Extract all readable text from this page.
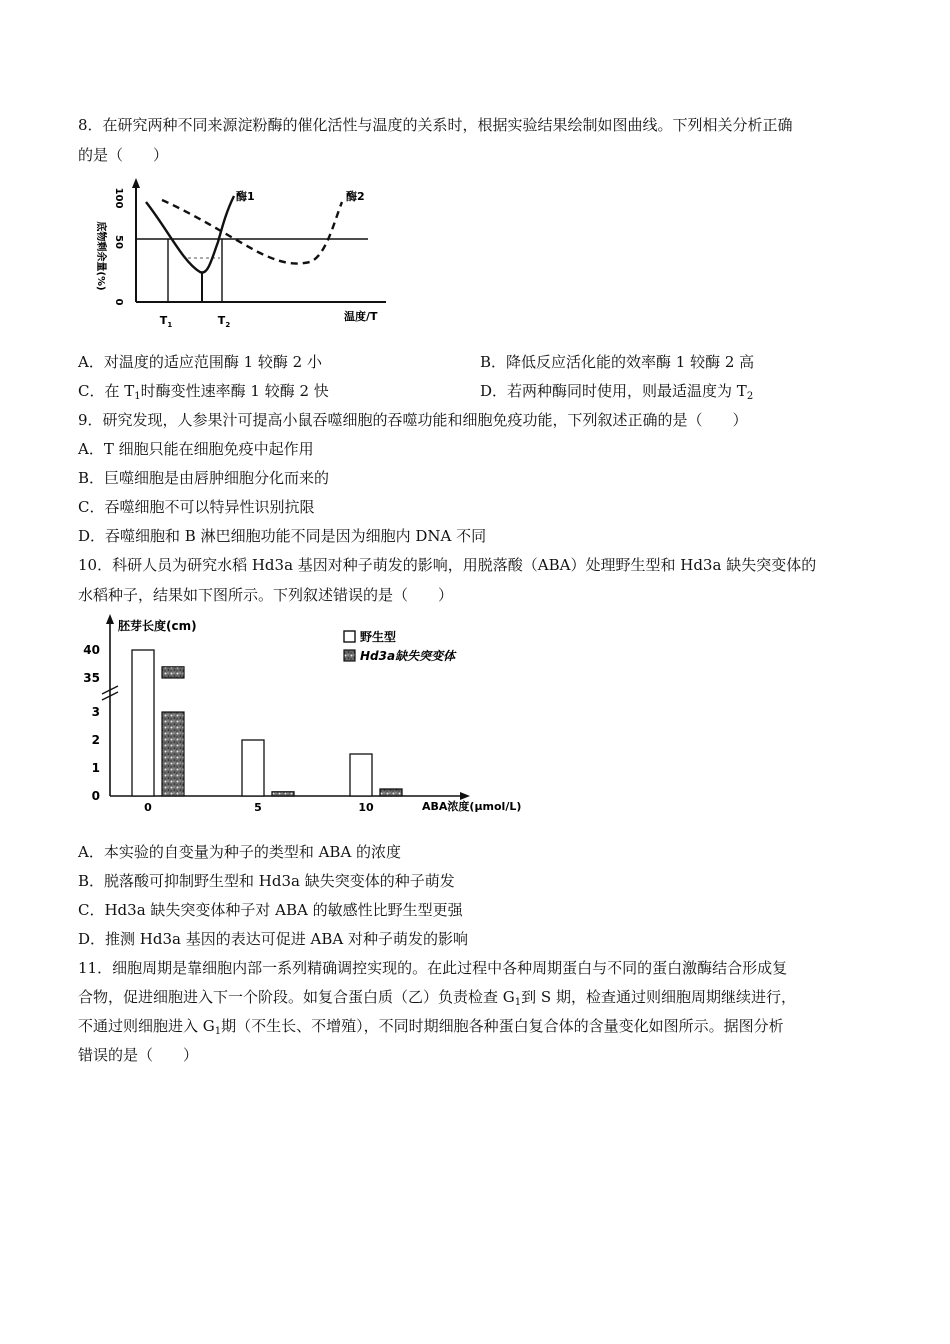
8．在研究两种不同来源淀粉酶的催化活性与温度的关系时，根据实验结果绘制如图曲线。下列相关分析正确
的是（　　）
底物剩余量(%)
100
50
0
$T_1$	$T_2$
温度/T
酶1	酶2
A．对温度的适应范围酶 1 较酶 2 小	B．降低反应活化能的效率酶 1 较酶 2 高
C．在 $T_1$时酶变性速率酶 1 较酶 2 快	D．若两种酶同时使用，则最适温度为 $T_2$
9．研究发现，人参果汁可提高小鼠吞噬细胞的吞噬功能和细胞免疫功能，下列叙述正确的是（　　）
A．T 细胞只能在细胞免疫中起作用
B．巨噬细胞是由唇肿细胞分化而来的
C．吞噬细胞不可以特异性识别抗限
D．吞噬细胞和 B 淋巴细胞功能不同是因为细胞内 DNA 不同
10．科研人员为研究水稻 Hd3a 基因对种子萌发的影响，用脱落酸（ABA）处理野生型和 Hd3a 缺失突变体的
水稻种子，结果如下图所示。下列叙述错误的是（　　）
0
1
2
3
35
40
0	5	10
胚芽长度(cm)
ABA浓度(μmol/L)
野生型
Hd3a缺失突变体
A．本实验的自变量为种子的类型和 ABA 的浓度
B．脱落酸可抑制野生型和 Hd3a 缺失突变体的种子萌发
C．Hd3a 缺失突变体种子对 ABA 的敏感性比野生型更强
D．推测 Hd3a 基因的表达可促进 ABA 对种子萌发的影响
11．细胞周期是靠细胞内部一系列精确调控实现的。在此过程中各种周期蛋白与不同的蛋白激酶结合形成复
合物，促进细胞进入下一个阶段。如复合蛋白质（乙）负责检查 $G_1$到 S 期，检查通过则细胞周期继续进行，
不通过则细胞进入 $G_1$期（不生长、不增殖），不同时期细胞各种蛋白复合体的含量变化如图所示。据图分析
错误的是（　　）
